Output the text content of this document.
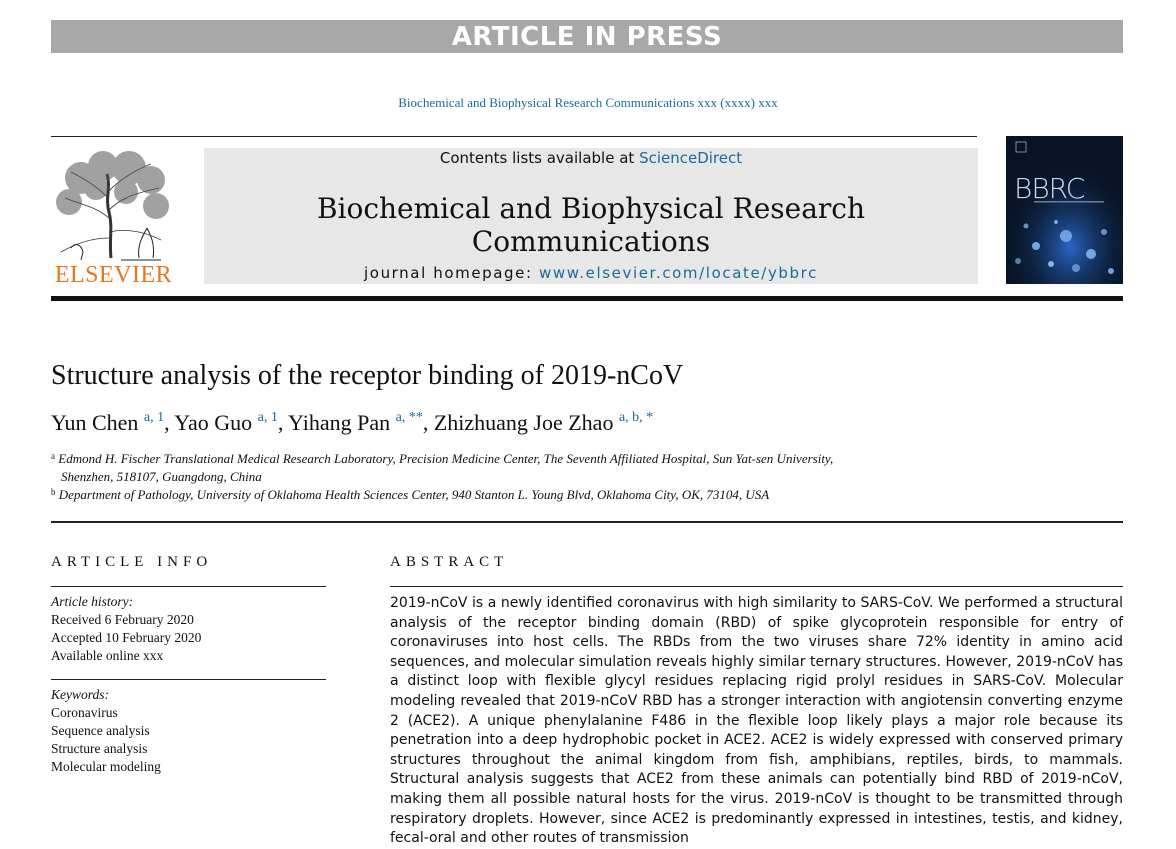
ARTICLE IN PRESS
Biochemical and Biophysical Research Communications xxx (xxxx) xxx
ELSEVIER
Contents lists available at ScienceDirect
Biochemical and Biophysical Research Communications
journal homepage: www.elsevier.com/locate/ybbrc
BBRC
Structure analysis of the receptor binding of 2019-nCoV
Yun Chen $^{a, 1}$, Yao Guo $^{a, 1}$, Yihang Pan $^{a, **}$, Zhizhuang Joe Zhao $^{a, b, *}$
$^a$ Edmond H. Fischer Translational Medical Research Laboratory, Precision Medicine Center, The Seventh Affiliated Hospital, Sun Yat-sen University,
Shenzhen, 518107, Guangdong, China
$^b$ Department of Pathology, University of Oklahoma Health Sciences Center, 940 Stanton L. Young Blvd, Oklahoma City, OK, 73104, USA
ARTICLE INFO
Article history:
Received 6 February 2020
Accepted 10 February 2020
Available online xxx
Keywords:
Coronavirus
Sequence analysis
Structure analysis
Molecular modeling
ABSTRACT
2019-nCoV is a newly identified coronavirus with high similarity to SARS-CoV. We performed a structural analysis of the receptor binding domain (RBD) of spike glycoprotein responsible for entry of coronaviruses into host cells. The RBDs from the two viruses share 72% identity in amino acid sequences, and molecular simulation reveals highly similar ternary structures. However, 2019-nCoV has a distinct loop with flexible glycyl residues replacing rigid prolyl residues in SARS-CoV. Molecular modeling revealed that 2019-nCoV RBD has a stronger interaction with angiotensin converting enzyme 2 (ACE2). A unique phenylalanine F486 in the flexible loop likely plays a major role because its penetration into a deep hydrophobic pocket in ACE2. ACE2 is widely expressed with conserved primary structures throughout the animal kingdom from fish, amphibians, reptiles, birds, to mammals. Structural analysis suggests that ACE2 from these animals can potentially bind RBD of 2019-nCoV, making them all possible natural hosts for the virus. 2019-nCoV is thought to be transmitted through respiratory droplets. However, since ACE2 is predominantly expressed in intestines, testis, and kidney, fecal-oral and other routes of transmission
